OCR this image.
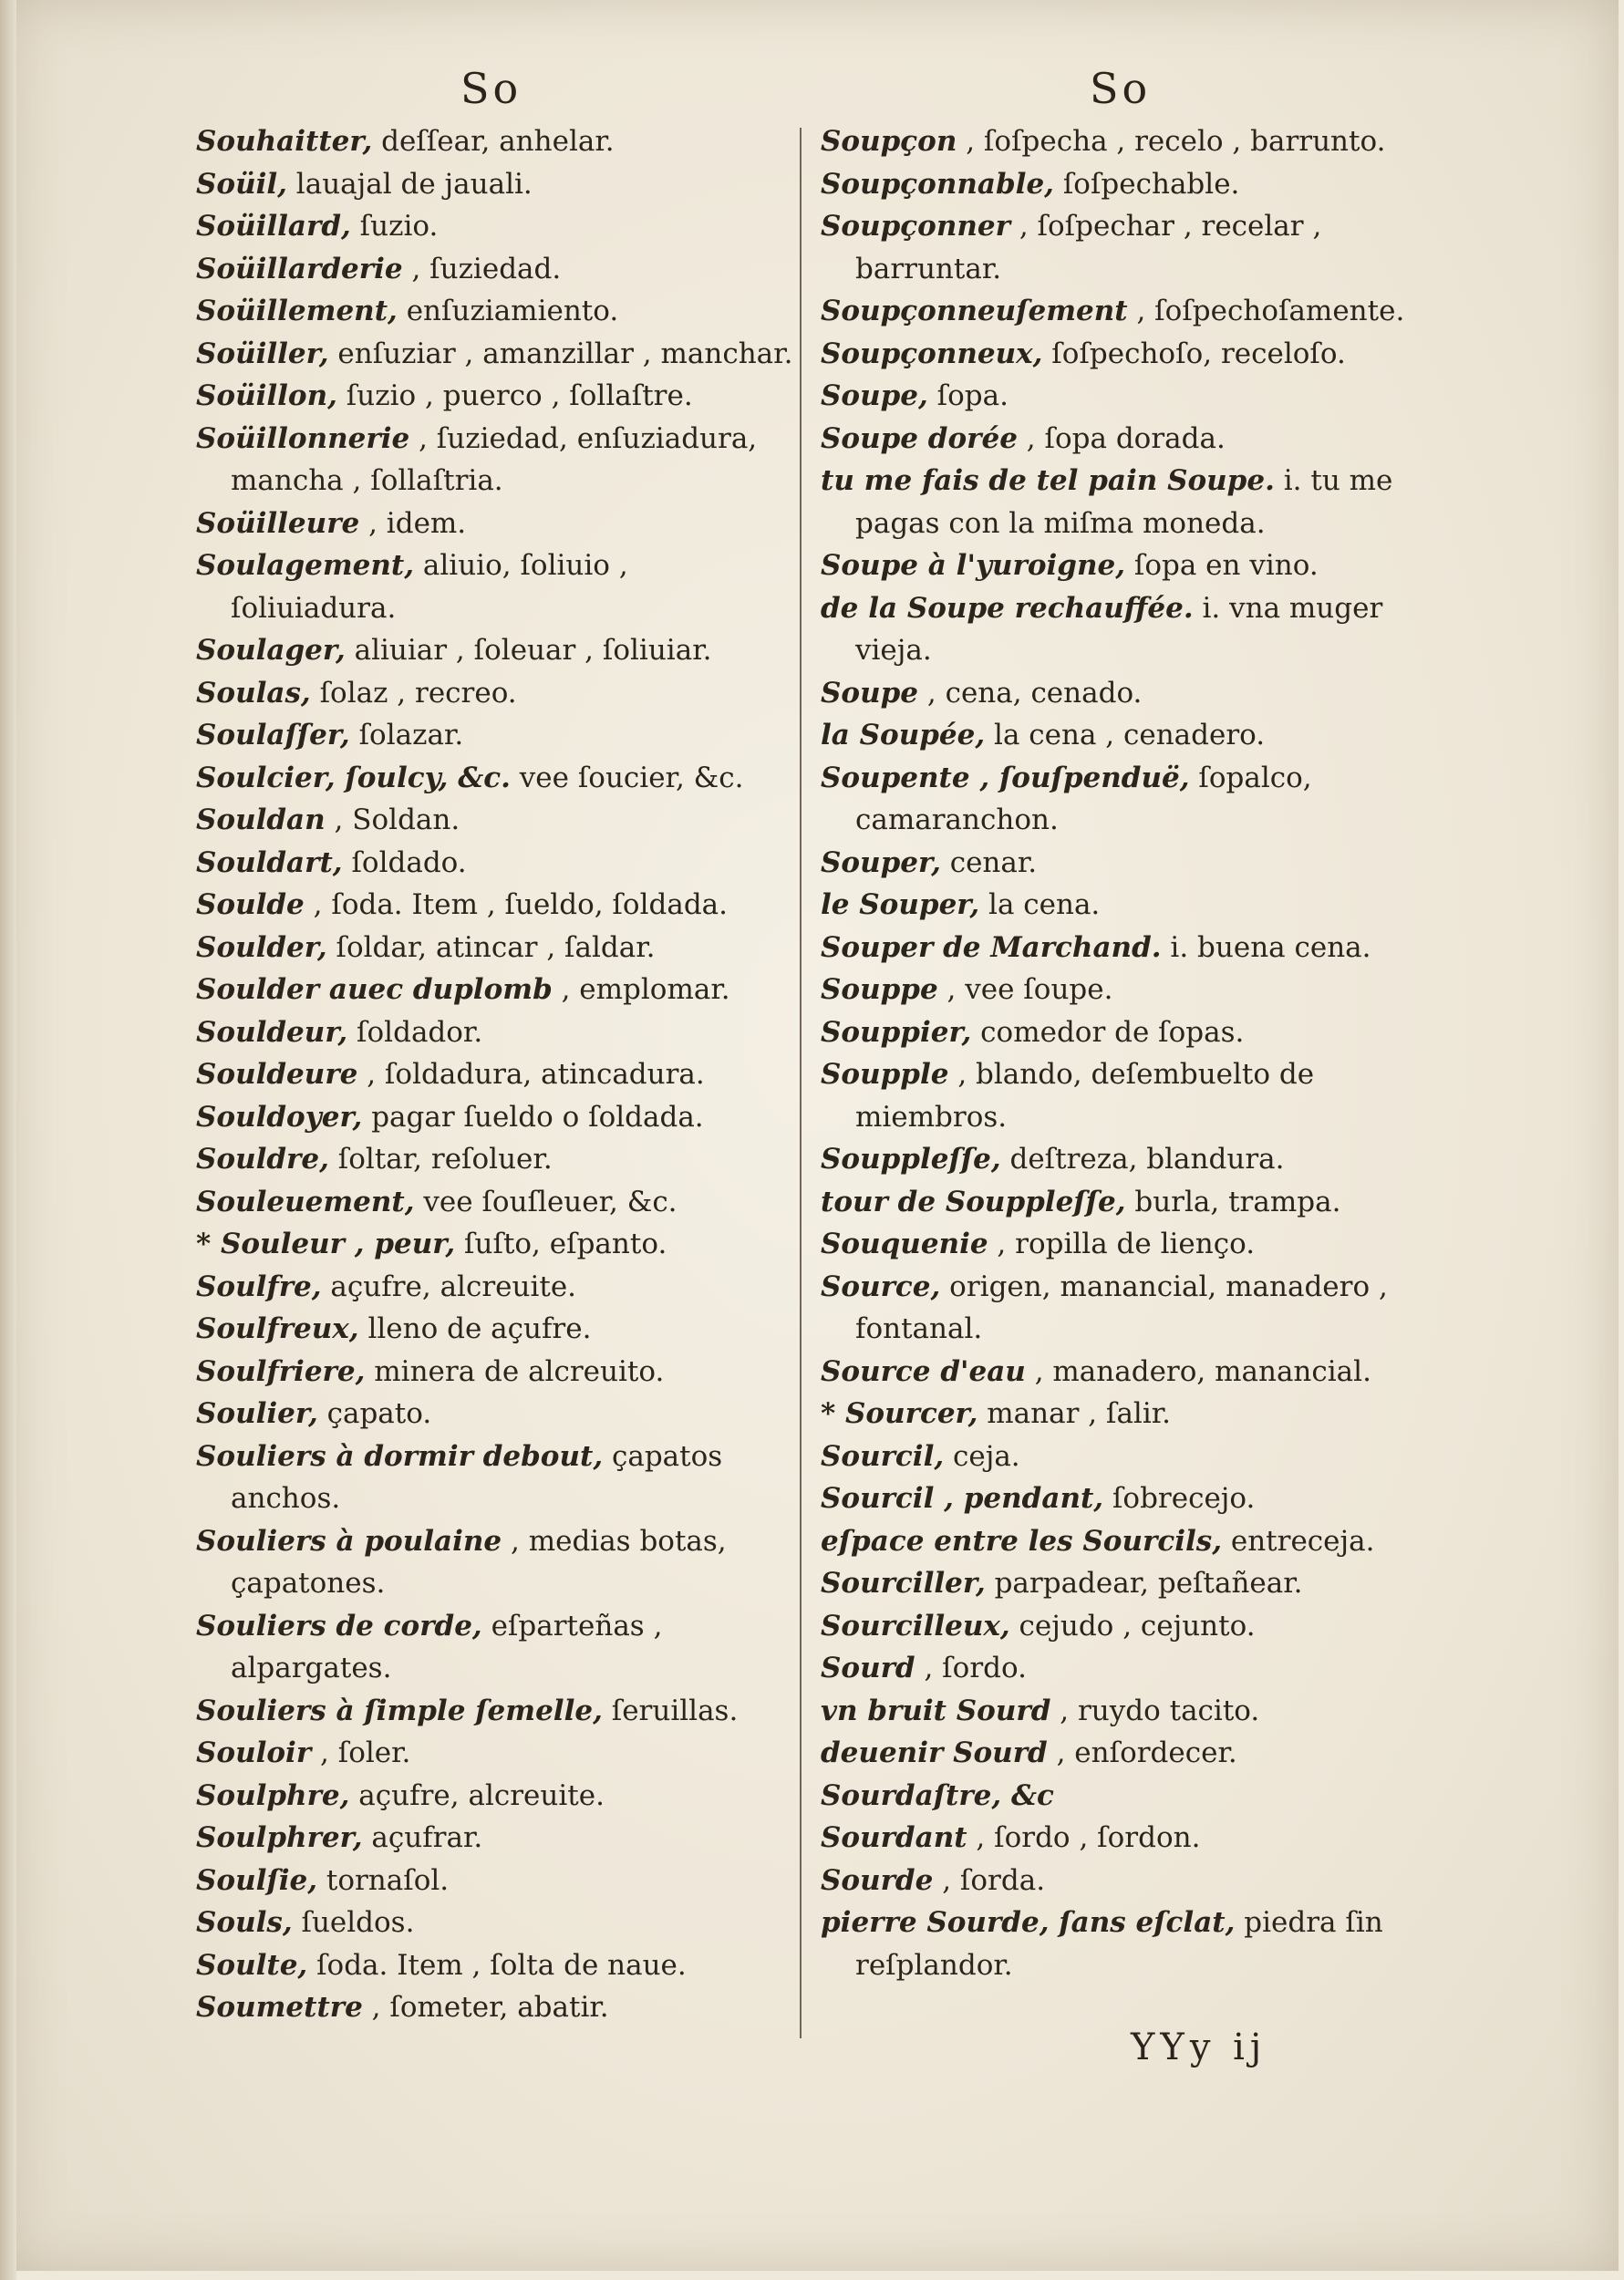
So	So

Souhaitter, deſſear, anhelar.

Soüil, lauajal de jauali.

Soüillard, ſuzio.

Soüillarderie , ſuziedad.

Soüillement, enſuziamiento.

Soüiller, enſuziar , amanzillar , manchar.

Soüillon, ſuzio , puerco , ſollaſtre.

Soüillonnerie , ſuziedad, enſuziadura, mancha , ſollaſtria.

Soüilleure , idem.

Soulagement, aliuio, ſoliuio , ſoliuiadura.

Soulager, aliuiar , ſoleuar , ſoliuiar.

Soulas, ſolaz , recreo.

Soulaſſer, ſolazar.

Soulcier, ſoulcy, &c. vee ſoucier, &c.

Souldan , Soldan.

Souldart, ſoldado.

Soulde , ſoda. Item , ſueldo, ſoldada.

Soulder, ſoldar, atincar , ſaldar.

Soulder auec duplomb , emplomar.

Souldeur, ſoldador.

Souldeure , ſoldadura, atincadura.

Souldoyer, pagar ſueldo o ſoldada.

Souldre, ſoltar, reſoluer.

Souleuement, vee ſouſleuer, &c.

* Souleur , peur, ſuſto, eſpanto.

Soulfre, açufre, alcreuite.

Soulfreux, lleno de açufre.

Soulfriere, minera de alcreuito.

Soulier, çapato.

Souliers à dormir debout, çapatos anchos.

Souliers à poulaine , medias botas, çapatones.

Souliers de corde, eſparteñas , alpargates.

Souliers à ſimple ſemelle, ſeruillas.

Souloir , ſoler.

Soulphre, açufre, alcreuite.

Soulphrer, açufrar.

Soulſie, tornaſol.

Souls, ſueldos.

Soulte, ſoda. Item , ſolta de naue.

Soumettre , ſometer, abatir.

Soupçon , ſoſpecha , recelo , barrunto.

Soupçonnable, ſoſpechable.

Soupçonner , ſoſpechar , recelar , barruntar.

Soupçonneuſement , ſoſpechoſamente.

Soupçonneux, ſoſpechoſo, receloſo.

Soupe, ſopa.

Soupe dorée , ſopa dorada.

tu me fais de tel pain Soupe. i. tu me pagas con la miſma moneda.

Soupe à l'yuroigne, ſopa en vino.

de la Soupe rechauffée. i. vna muger vieja.

Soupe , cena, cenado.

la Soupée, la cena , cenadero.

Soupente , ſouſpenduë, ſopalco, camaranchon.

Souper, cenar.

le Souper, la cena.

Souper de Marchand. i. buena cena.

Souppe , vee ſoupe.

Souppier, comedor de ſopas.

Soupple , blando, deſembuelto de miembros.

Souppleſſe, deſtreza, blandura.

tour de Souppleſſe, burla, trampa.

Souquenie , ropilla de lienço.

Source, origen, manancial, manadero , fontanal.

Source d'eau , manadero, manancial.

* Sourcer, manar , ſalir.

Sourcil, ceja.

Sourcil , pendant, ſobrecejo.

eſpace entre les Sourcils, entreceja.

Sourciller, parpadear, peſtañear.

Sourcilleux, cejudo , cejunto.

Sourd , ſordo.

vn bruit Sourd , ruydo tacito.

deuenir Sourd , enſordecer.

Sourdaſtre, &c

Sourdant , ſordo , ſordon.

Sourde , ſorda.

pierre Sourde, ſans eſclat, piedra ſin reſplandor.

YYy ij
